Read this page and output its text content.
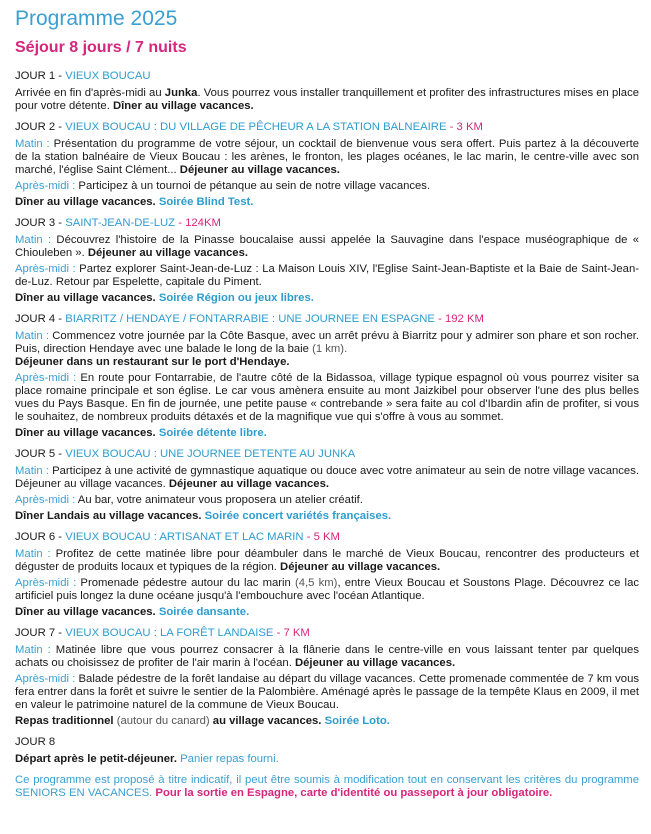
Programme 2025
Séjour 8 jours / 7 nuits
JOUR 1 - VIEUX BOUCAU

Arrivée en fin d'après-midi au Junka. Vous pourrez vous installer tranquillement et profiter des infrastructures mises en place pour votre détente. Dîner au village vacances.

JOUR 2 - VIEUX BOUCAU : DU VILLAGE DE PÊCHEUR A LA STATION BALNEAIRE - 3 KM

Matin : Présentation du programme de votre séjour, un cocktail de bienvenue vous sera offert. Puis partez à la découverte de la station balnéaire de Vieux Boucau : les arènes, le fronton, les plages océanes, le lac marin, le centre-ville avec son marché, l'église Saint Clément... Déjeuner au village vacances.

Après-midi : Participez à un tournoi de pétanque au sein de notre village vacances.

Dîner au village vacances. Soirée Blind Test.

JOUR 3 - SAINT-JEAN-DE-LUZ - 124KM

Matin : Découvrez l'histoire de la Pinasse boucalaise aussi appelée la Sauvagine dans l'espace muséographique de « Chiouleben ». Déjeuner au village vacances.

Après-midi : Partez explorer Saint-Jean-de-Luz : La Maison Louis XIV, l'Eglise Saint-Jean-Baptiste et la Baie de Saint-Jean-de-Luz. Retour par Espelette, capitale du Piment.

Dîner au village vacances. Soirée Région ou jeux libres.

JOUR 4 - BIARRITZ / HENDAYE / FONTARRABIE : UNE JOURNEE EN ESPAGNE - 192 KM

Matin : Commencez votre journée par la Côte Basque, avec un arrêt prévu à Biarritz pour y admirer son phare et son rocher. Puis, direction Hendaye avec une balade le long de la baie (1 km).
Déjeuner dans un restaurant sur le port d'Hendaye.

Après-midi : En route pour Fontarrabie, de l'autre côté de la Bidassoa, village typique espagnol où vous pourrez visiter sa place romaine principale et son église. Le car vous amènera ensuite au mont Jaizkibel pour observer l'une des plus belles vues du Pays Basque. En fin de journée, une petite pause « contrebande » sera faite au col d'Ibardin afin de profiter, si vous le souhaitez, de nombreux produits détaxés et de la magnifique vue qui s'offre à vous au sommet.

Dîner au village vacances. Soirée détente libre.

JOUR 5 - VIEUX BOUCAU : UNE JOURNEE DETENTE AU JUNKA

Matin : Participez à une activité de gymnastique aquatique ou douce avec votre animateur au sein de notre village vacances. Déjeuner au village vacances. Déjeuner au village vacances.

Après-midi : Au bar, votre animateur vous proposera un atelier créatif.

Dîner Landais au village vacances. Soirée concert variétés françaises.

JOUR 6 - VIEUX BOUCAU : ARTISANAT ET LAC MARIN - 5 KM

Matin : Profitez de cette matinée libre pour déambuler dans le marché de Vieux Boucau, rencontrer des producteurs et déguster de produits locaux et typiques de la région. Déjeuner au village vacances.

Après-midi : Promenade pédestre autour du lac marin (4,5 km), entre Vieux Boucau et Soustons Plage. Découvrez ce lac artificiel puis longez la dune océane jusqu'à l'embouchure avec l'océan Atlantique.

Dîner au village vacances. Soirée dansante.

JOUR 7 - VIEUX BOUCAU : LA FORÊT LANDAISE - 7 KM

Matin : Matinée libre que vous pourrez consacrer à la flânerie dans le centre-ville en vous laissant tenter par quelques achats ou choisissez de profiter de l'air marin à l'océan. Déjeuner au village vacances.

Après-midi : Balade pédestre de la forêt landaise au départ du village vacances. Cette promenade commentée de 7 km vous fera entrer dans la forêt et suivre le sentier de la Palombière. Aménagé après le passage de la tempête Klaus en 2009, il met en valeur le patrimoine naturel de la commune de Vieux Boucau.

Repas traditionnel (autour du canard) au village vacances. Soirée Loto.

JOUR 8

Départ après le petit-déjeuner. Panier repas fourni.

Ce programme est proposé à titre indicatif, il peut être soumis à modification tout en conservant les critères du programme SENIORS EN VACANCES. Pour la sortie en Espagne, carte d'identité ou passeport à jour obligatoire.
